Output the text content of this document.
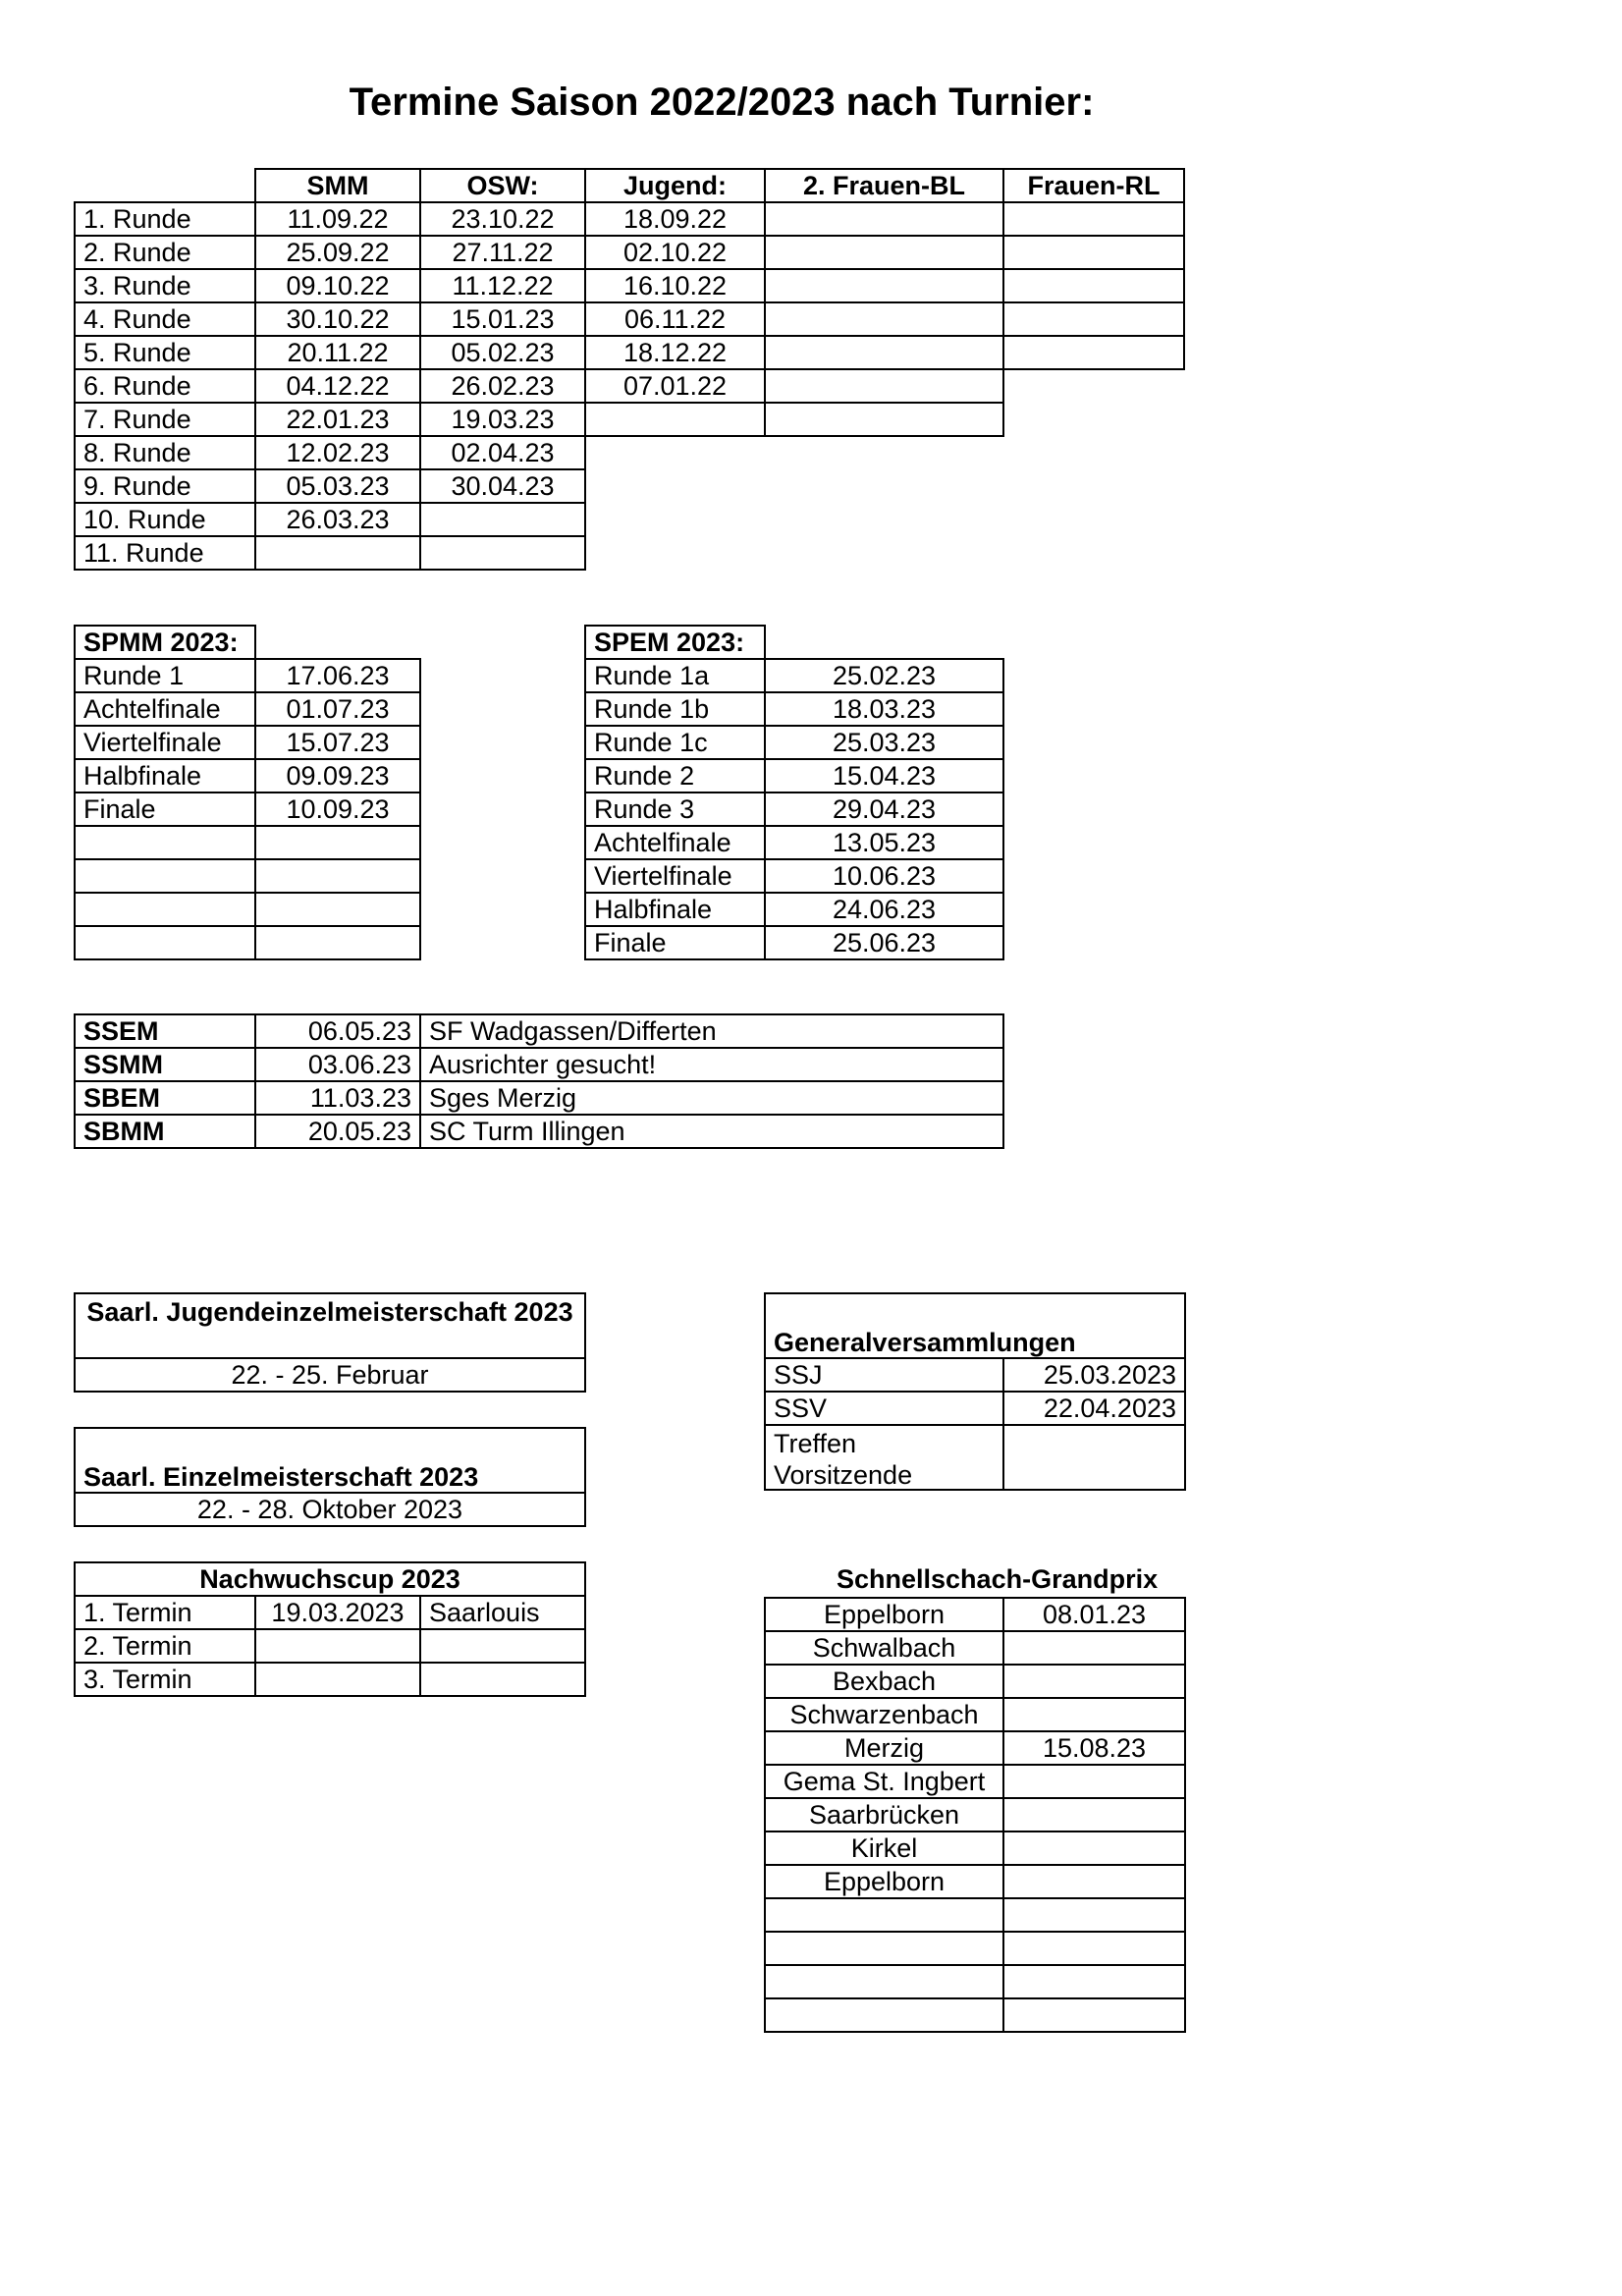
Termine Saison 2022/2023 nach Turnier:
SMM	OSW:	Jugend:	2. Frauen-BL	Frauen-RL
1. Runde	11.09.22	23.10.22	18.09.22
2. Runde	25.09.22	27.11.22	02.10.22
3. Runde	09.10.22	11.12.22	16.10.22
4. Runde	30.10.22	15.01.23	06.11.22
5. Runde	20.11.22	05.02.23	18.12.22
6. Runde	04.12.22	26.02.23	07.01.22
7. Runde	22.01.23	19.03.23
8. Runde	12.02.23	02.04.23
9. Runde	05.03.23	30.04.23
10. Runde	26.03.23
11. Runde
SPMM 2023:
Runde 1	17.06.23
Achtelfinale	01.07.23
Viertelfinale	15.07.23
Halbfinale	09.09.23
Finale	10.09.23
SPEM 2023:
Runde 1a	25.02.23
Runde 1b	18.03.23
Runde 1c	25.03.23
Runde 2	15.04.23
Runde 3	29.04.23
Achtelfinale	13.05.23
Viertelfinale	10.06.23
Halbfinale	24.06.23
Finale	25.06.23
SSEM	06.05.23 SF Wadgassen/Differten
SSMM	03.06.23 Ausrichter gesucht!
SBEM	11.03.23 Sges Merzig
SBMM	20.05.23 SC Turm Illingen
Saarl. Jugendeinzelmeisterschaft 2023
22. - 25. Februar
Saarl. Einzelmeisterschaft 2023
22. - 28. Oktober 2023
Nachwuchscup 2023
1. Termin	19.03.2023 Saarlouis
2. Termin
3. Termin
Generalversammlungen
SSJ	25.03.2023
SSV	22.04.2023
Treffen Vorsitzende
Schnellschach-Grandprix
Eppelborn	08.01.23
Schwalbach
Bexbach
Schwarzenbach
Merzig	15.08.23
Gema St. Ingbert
Saarbrücken
Kirkel
Eppelborn
